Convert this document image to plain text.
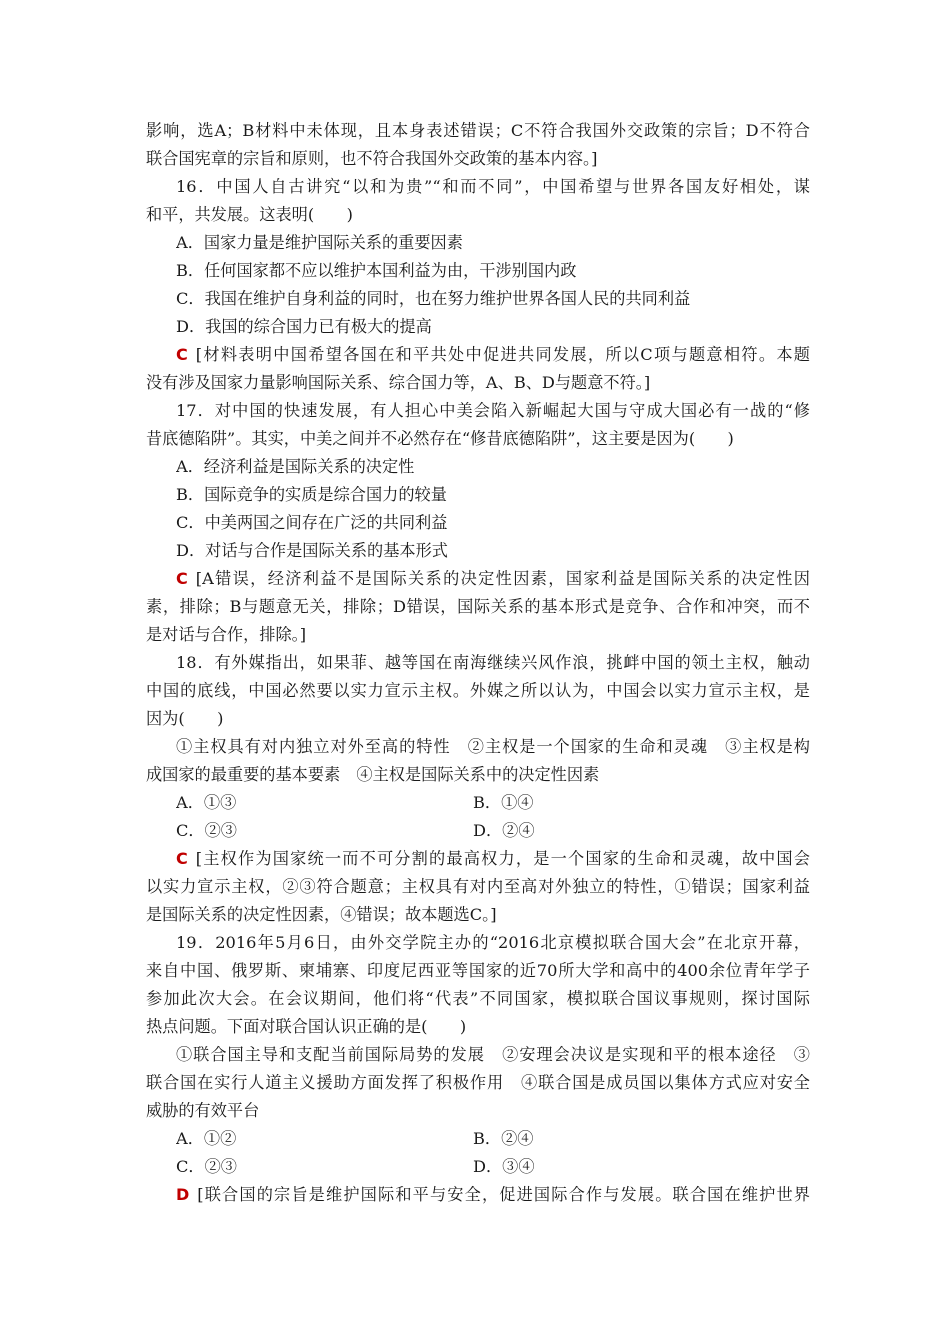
影响，选A；B材料中未体现，且本身表述错误；C不符合我国外交政策的宗旨；D不符合
联合国宪章的宗旨和原则，也不符合我国外交政策的基本内容。]
16．中国人自古讲究“以和为贵”“和而不同”，中国希望与世界各国友好相处，谋
和平，共发展。这表明(　　)
A．国家力量是维护国际关系的重要因素
B．任何国家都不应以维护本国利益为由，干涉别国内政
C．我国在维护自身利益的同时，也在努力维护世界各国人民的共同利益
D．我国的综合国力已有极大的提高
C [材料表明中国希望各国在和平共处中促进共同发展，所以C项与题意相符。本题
没有涉及国家力量影响国际关系、综合国力等，A、B、D与题意不符。]
17．对中国的快速发展，有人担心中美会陷入新崛起大国与守成大国必有一战的“修
昔底德陷阱”。其实，中美之间并不必然存在“修昔底德陷阱”，这主要是因为(　　)
A．经济利益是国际关系的决定性
B．国际竞争的实质是综合国力的较量
C．中美两国之间存在广泛的共同利益
D．对话与合作是国际关系的基本形式
C [A错误，经济利益不是国际关系的决定性因素，国家利益是国际关系的决定性因
素，排除；B与题意无关，排除；D错误，国际关系的基本形式是竞争、合作和冲突，而不
是对话与合作，排除。]
18．有外媒指出，如果菲、越等国在南海继续兴风作浪，挑衅中国的领土主权，触动
中国的底线，中国必然要以实力宣示主权。外媒之所以认为，中国会以实力宣示主权，是
因为(　　)
①主权具有对内独立对外至高的特性　②主权是一个国家的生命和灵魂　③主权是构
成国家的最重要的基本要素　④主权是国际关系中的决定性因素
A．①③	B．①④
C．②③	D．②④
C [主权作为国家统一而不可分割的最高权力，是一个国家的生命和灵魂，故中国会
以实力宣示主权，②③符合题意；主权具有对内至高对外独立的特性，①错误；国家利益
是国际关系的决定性因素，④错误；故本题选C。]
19．2016年5月6日，由外交学院主办的“2016北京模拟联合国大会”在北京开幕，
来自中国、俄罗斯、柬埔寨、印度尼西亚等国家的近70所大学和高中的400余位青年学子
参加此次大会。在会议期间，他们将“代表”不同国家，模拟联合国议事规则，探讨国际
热点问题。下面对联合国认识正确的是(　　)
①联合国主导和支配当前国际局势的发展　②安理会决议是实现和平的根本途径　③
联合国在实行人道主义援助方面发挥了积极作用　④联合国是成员国以集体方式应对安全
威胁的有效平台
A．①②	B．②④
C．②③	D．③④
D [联合国的宗旨是维护国际和平与安全，促进国际合作与发展。联合国在维护世界
